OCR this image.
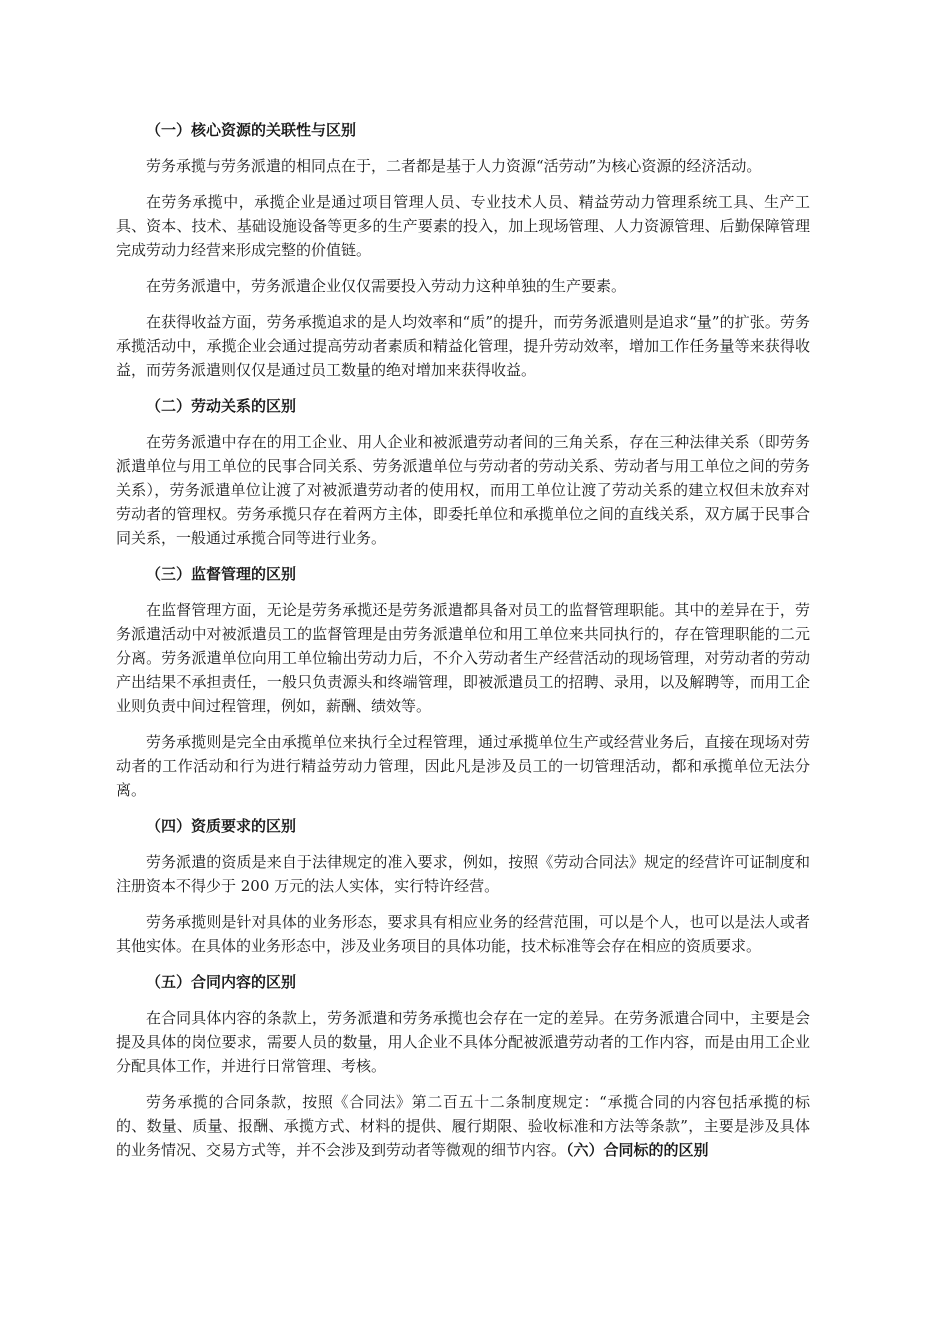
（一）核心资源的关联性与区别
劳务承揽与劳务派遣的相同点在于，二者都是基于人力资源“活劳动”为核心资源的经济活动。
在劳务承揽中，承揽企业是通过项目管理人员、专业技术人员、精益劳动力管理系统工具、生产工具、资本、技术、基础设施设备等更多的生产要素的投入，加上现场管理、人力资源管理、后勤保障管理完成劳动力经营来形成完整的价值链。
在劳务派遣中，劳务派遣企业仅仅需要投入劳动力这种单独的生产要素。
在获得收益方面，劳务承揽追求的是人均效率和“质”的提升，而劳务派遣则是追求“量”的扩张。劳务承揽活动中，承揽企业会通过提高劳动者素质和精益化管理，提升劳动效率，增加工作任务量等来获得收益，而劳务派遣则仅仅是通过员工数量的绝对增加来获得收益。
（二）劳动关系的区别
在劳务派遣中存在的用工企业、用人企业和被派遣劳动者间的三角关系，存在三种法律关系（即劳务派遣单位与用工单位的民事合同关系、劳务派遣单位与劳动者的劳动关系、劳动者与用工单位之间的劳务关系），劳务派遣单位让渡了对被派遣劳动者的使用权，而用工单位让渡了劳动关系的建立权但未放弃对劳动者的管理权。劳务承揽只存在着两方主体，即委托单位和承揽单位之间的直线关系，双方属于民事合同关系，一般通过承揽合同等进行业务。
（三）监督管理的区别
在监督管理方面，无论是劳务承揽还是劳务派遣都具备对员工的监督管理职能。其中的差异在于，劳务派遣活动中对被派遣员工的监督管理是由劳务派遣单位和用工单位来共同执行的，存在管理职能的二元分离。劳务派遣单位向用工单位输出劳动力后，不介入劳动者生产经营活动的现场管理，对劳动者的劳动产出结果不承担责任，一般只负责源头和终端管理，即被派遣员工的招聘、录用，以及解聘等，而用工企业则负责中间过程管理，例如，薪酬、绩效等。
劳务承揽则是完全由承揽单位来执行全过程管理，通过承揽单位生产或经营业务后，直接在现场对劳动者的工作活动和行为进行精益劳动力管理，因此凡是涉及员工的一切管理活动，都和承揽单位无法分离。
（四）资质要求的区别
劳务派遣的资质是来自于法律规定的准入要求，例如，按照《劳动合同法》规定的经营许可证制度和注册资本不得少于 200 万元的法人实体，实行特许经营。
劳务承揽则是针对具体的业务形态，要求具有相应业务的经营范围，可以是个人，也可以是法人或者其他实体。在具体的业务形态中，涉及业务项目的具体功能，技术标准等会存在相应的资质要求。
（五）合同内容的区别
在合同具体内容的条款上，劳务派遣和劳务承揽也会存在一定的差异。在劳务派遣合同中，主要是会提及具体的岗位要求，需要人员的数量，用人企业不具体分配被派遣劳动者的工作内容，而是由用工企业分配具体工作，并进行日常管理、考核。
劳务承揽的合同条款，按照《合同法》第二百五十二条制度规定：“承揽合同的内容包括承揽的标的、数量、质量、报酬、承揽方式、材料的提供、履行期限、验收标准和方法等条款”，主要是涉及具体的业务情况、交易方式等，并不会涉及到劳动者等微观的细节内容。（六）合同标的的区别
